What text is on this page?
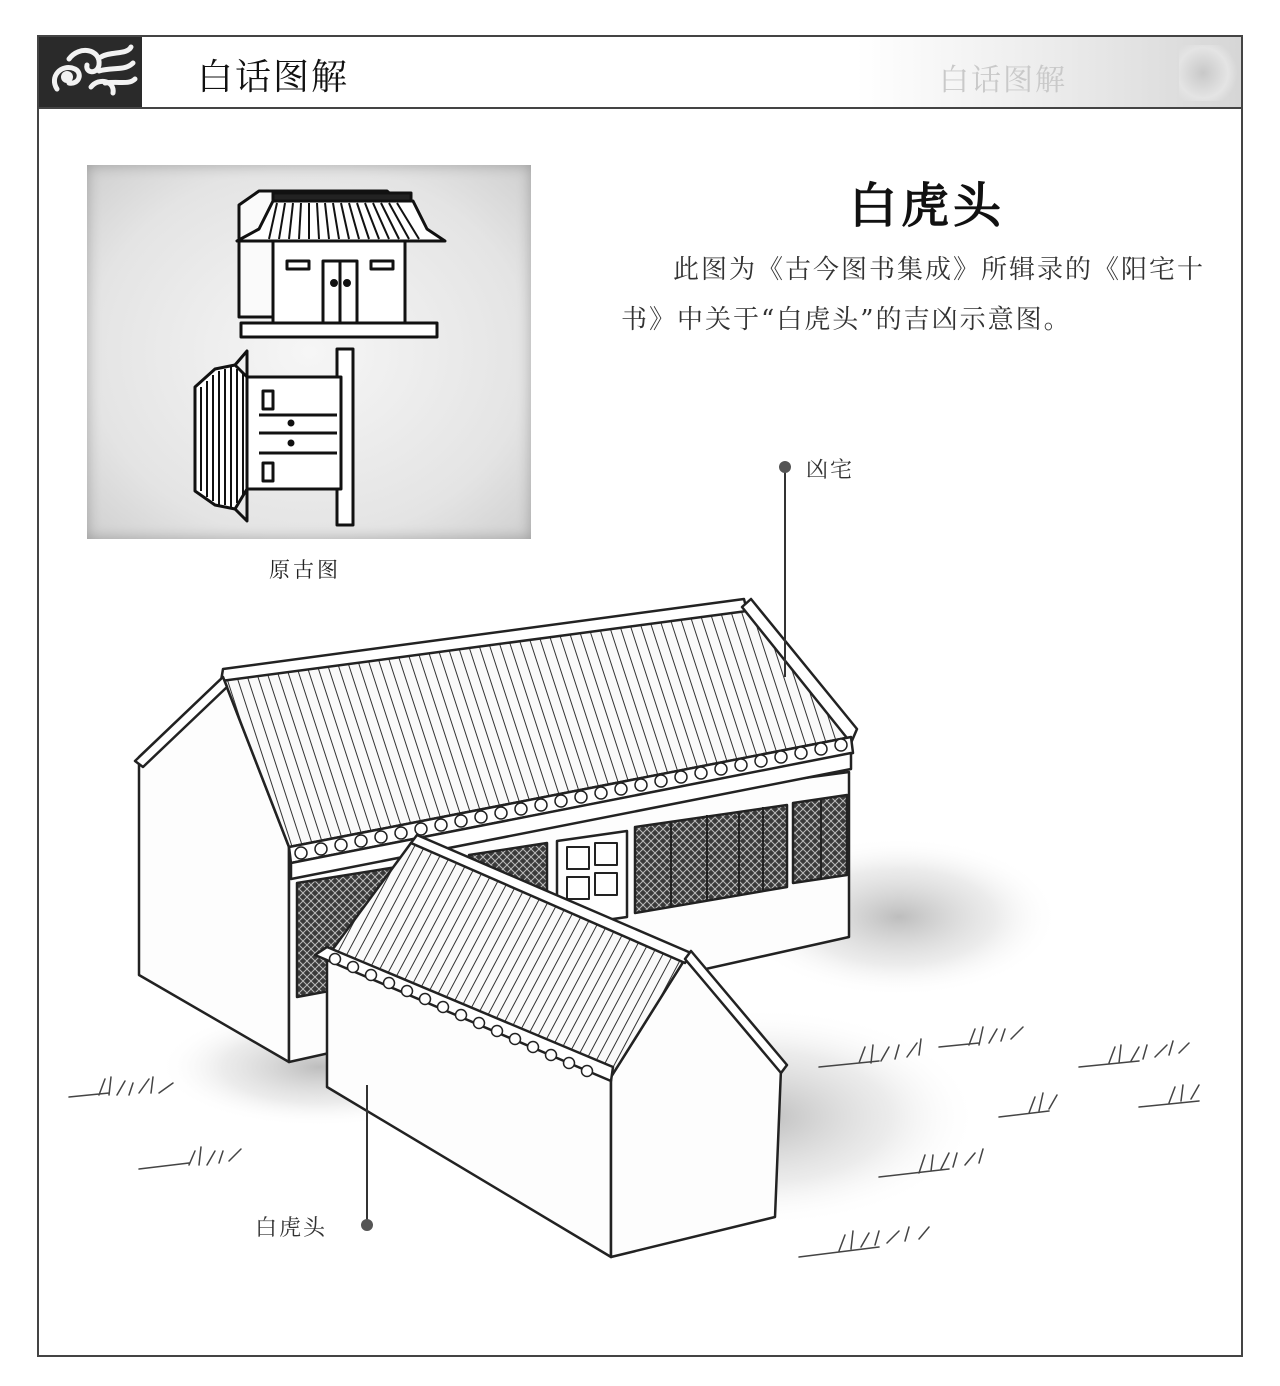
白话图解	白话图解
原古图
白虎头
此图为《古今图书集成》所辑录的《阳宅十书》中关于“白虎头”的吉凶示意图。
凶宅
白虎头
